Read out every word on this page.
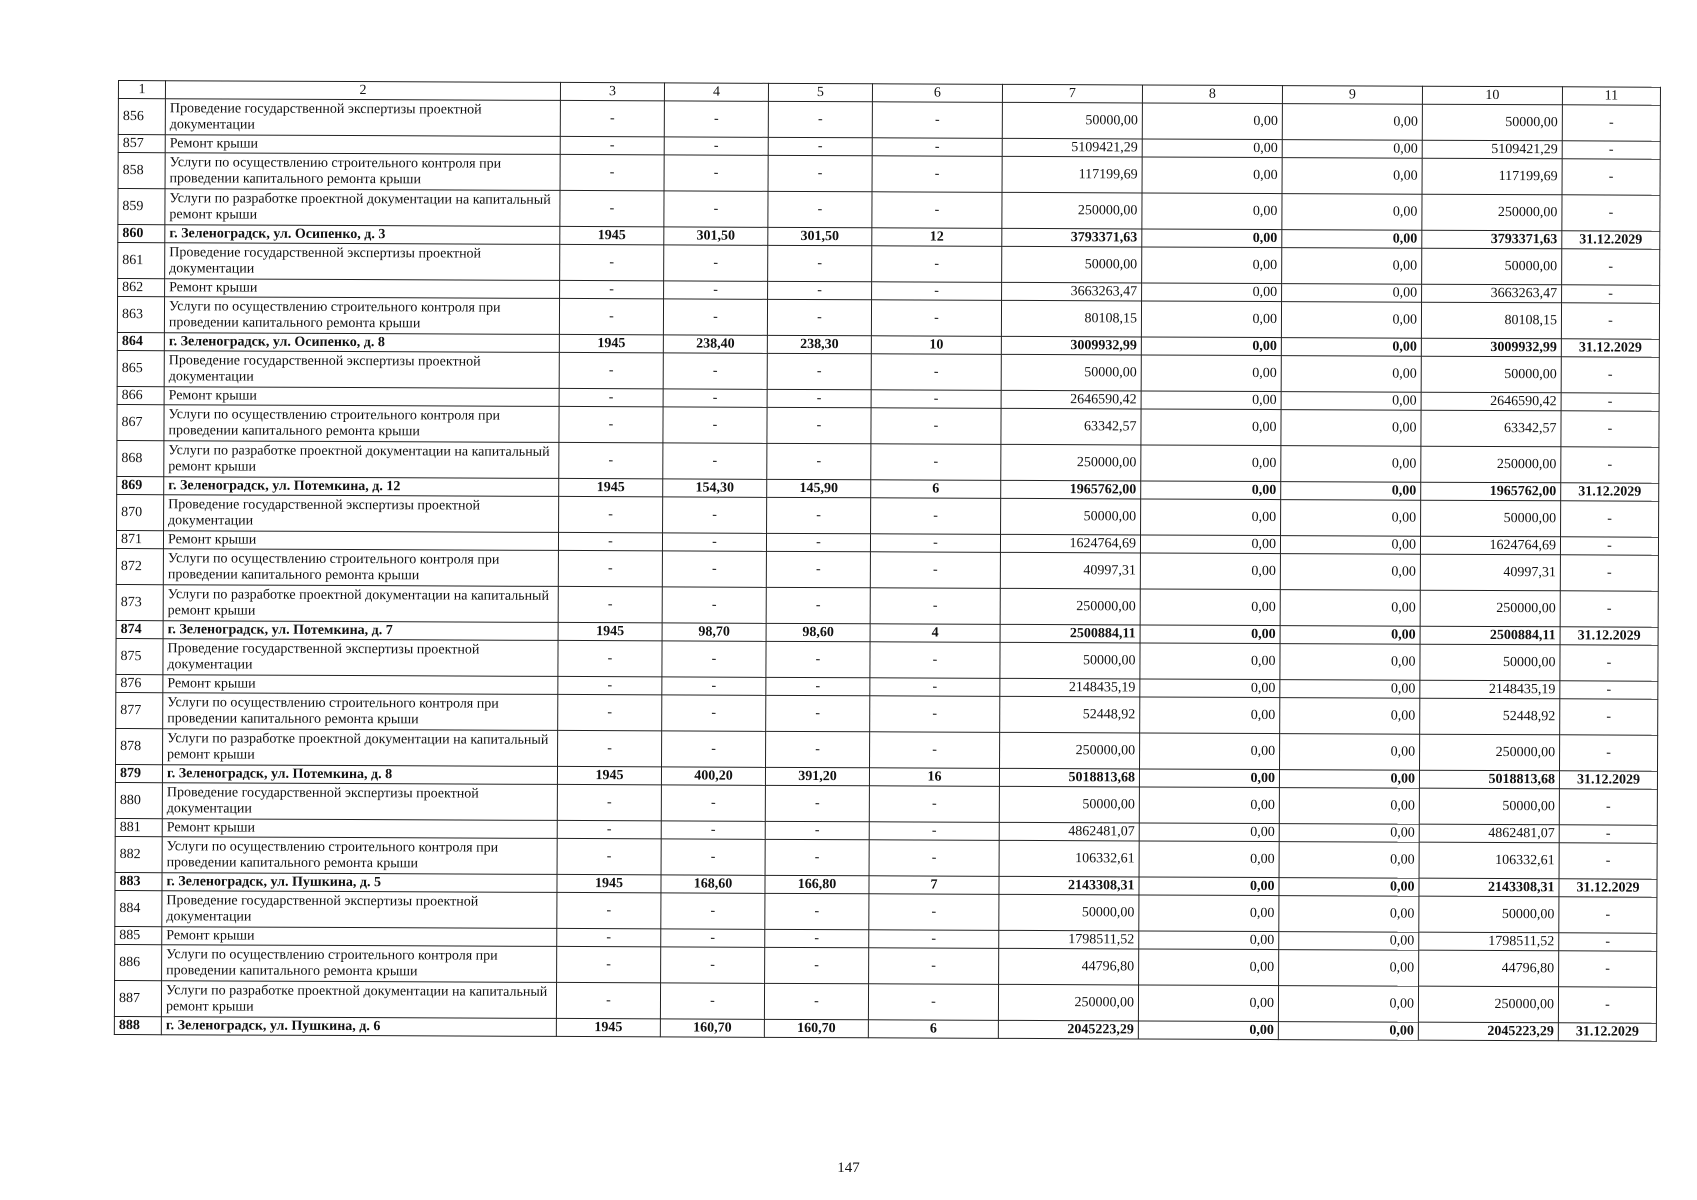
1	2	3	4	5	6	7	8	9	10	11
856	Проведение государственной экспертизы проектной документации	-	-	-	-	50000,00	0,00	0,00	50000,00	-
857	Ремонт крыши	-	-	-	-	5109421,29	0,00	0,00	5109421,29	-
858	Услуги по осуществлению строительного контроля при проведении капитального ремонта крыши	-	-	-	-	117199,69	0,00	0,00	117199,69	-
859	Услуги по разработке проектной документации на капитальный ремонт крыши	-	-	-	-	250000,00	0,00	0,00	250000,00	-
860	г. Зеленоградск, ул. Осипенко, д. 3	1945	301,50	301,50	12	3793371,63	0,00	0,00	3793371,63	31.12.2029
861	Проведение государственной экспертизы проектной документации	-	-	-	-	50000,00	0,00	0,00	50000,00	-
862	Ремонт крыши	-	-	-	-	3663263,47	0,00	0,00	3663263,47	-
863	Услуги по осуществлению строительного контроля при проведении капитального ремонта крыши	-	-	-	-	80108,15	0,00	0,00	80108,15	-
864	г. Зеленоградск, ул. Осипенко, д. 8	1945	238,40	238,30	10	3009932,99	0,00	0,00	3009932,99	31.12.2029
865	Проведение государственной экспертизы проектной документации	-	-	-	-	50000,00	0,00	0,00	50000,00	-
866	Ремонт крыши	-	-	-	-	2646590,42	0,00	0,00	2646590,42	-
867	Услуги по осуществлению строительного контроля при проведении капитального ремонта крыши	-	-	-	-	63342,57	0,00	0,00	63342,57	-
868	Услуги по разработке проектной документации на капитальный ремонт крыши	-	-	-	-	250000,00	0,00	0,00	250000,00	-
869	г. Зеленоградск, ул. Потемкина, д. 12	1945	154,30	145,90	6	1965762,00	0,00	0,00	1965762,00	31.12.2029
870	Проведение государственной экспертизы проектной документации	-	-	-	-	50000,00	0,00	0,00	50000,00	-
871	Ремонт крыши	-	-	-	-	1624764,69	0,00	0,00	1624764,69	-
872	Услуги по осуществлению строительного контроля при проведении капитального ремонта крыши	-	-	-	-	40997,31	0,00	0,00	40997,31	-
873	Услуги по разработке проектной документации на капитальный ремонт крыши	-	-	-	-	250000,00	0,00	0,00	250000,00	-
874	г. Зеленоградск, ул. Потемкина, д. 7	1945	98,70	98,60	4	2500884,11	0,00	0,00	2500884,11	31.12.2029
875	Проведение государственной экспертизы проектной документации	-	-	-	-	50000,00	0,00	0,00	50000,00	-
876	Ремонт крыши	-	-	-	-	2148435,19	0,00	0,00	2148435,19	-
877	Услуги по осуществлению строительного контроля при проведении капитального ремонта крыши	-	-	-	-	52448,92	0,00	0,00	52448,92	-
878	Услуги по разработке проектной документации на капитальный ремонт крыши	-	-	-	-	250000,00	0,00	0,00	250000,00	-
879	г. Зеленоградск, ул. Потемкина, д. 8	1945	400,20	391,20	16	5018813,68	0,00	0,00	5018813,68	31.12.2029
880	Проведение государственной экспертизы проектной документации	-	-	-	-	50000,00	0,00	0,00	50000,00	-
881	Ремонт крыши	-	-	-	-	4862481,07	0,00	0,00	4862481,07	-
882	Услуги по осуществлению строительного контроля при проведении капитального ремонта крыши	-	-	-	-	106332,61	0,00	0,00	106332,61	-
883	г. Зеленоградск, ул. Пушкина, д. 5	1945	168,60	166,80	7	2143308,31	0,00	0,00	2143308,31	31.12.2029
884	Проведение государственной экспертизы проектной документации	-	-	-	-	50000,00	0,00	0,00	50000,00	-
885	Ремонт крыши	-	-	-	-	1798511,52	0,00	0,00	1798511,52	-
886	Услуги по осуществлению строительного контроля при проведении капитального ремонта крыши	-	-	-	-	44796,80	0,00	0,00	44796,80	-
887	Услуги по разработке проектной документации на капитальный ремонт крыши	-	-	-	-	250000,00	0,00	0,00	250000,00	-
888	г. Зеленоградск, ул. Пушкина, д. 6	1945	160,70	160,70	6	2045223,29	0,00	0,00	2045223,29	31.12.2029
147
